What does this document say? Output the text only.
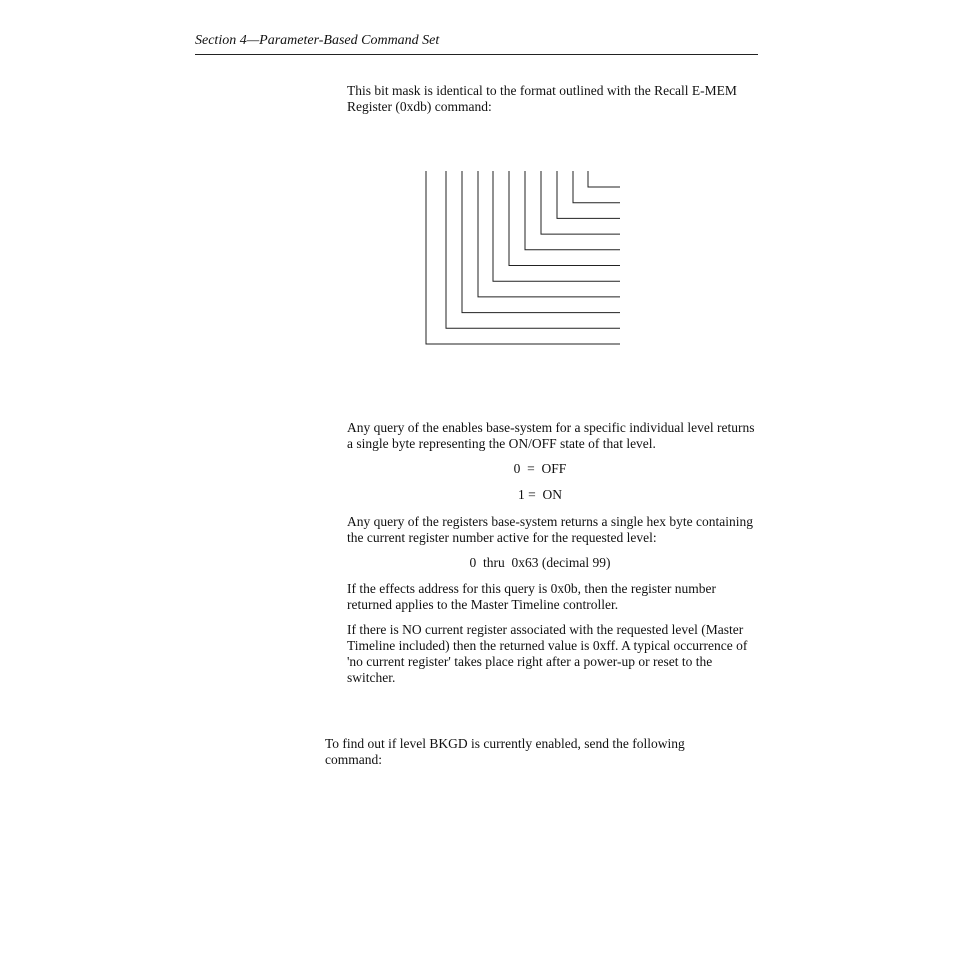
Section 4—Parameter-Based Command Set

This bit mask is identical to the format outlined with the Recall E-MEM Register (0xdb) command:

Any query of the enables base-system for a specific individual level returns a single byte representing the ON/OFF state of that level.

0  =  OFF
1 =  ON

Any query of the registers base-system returns a single hex byte containing the current register number active for the requested level:

0  thru  0x63 (decimal 99)

If the effects address for this query is 0x0b, then the register number returned applies to the Master Timeline controller.

If there is NO current register associated with the requested level (Master Timeline included) then the returned value is 0xff. A typical occurrence of 'no current register' takes place right after a power-up or reset to the switcher.

To find out if level BKGD is currently enabled, send the following command:
